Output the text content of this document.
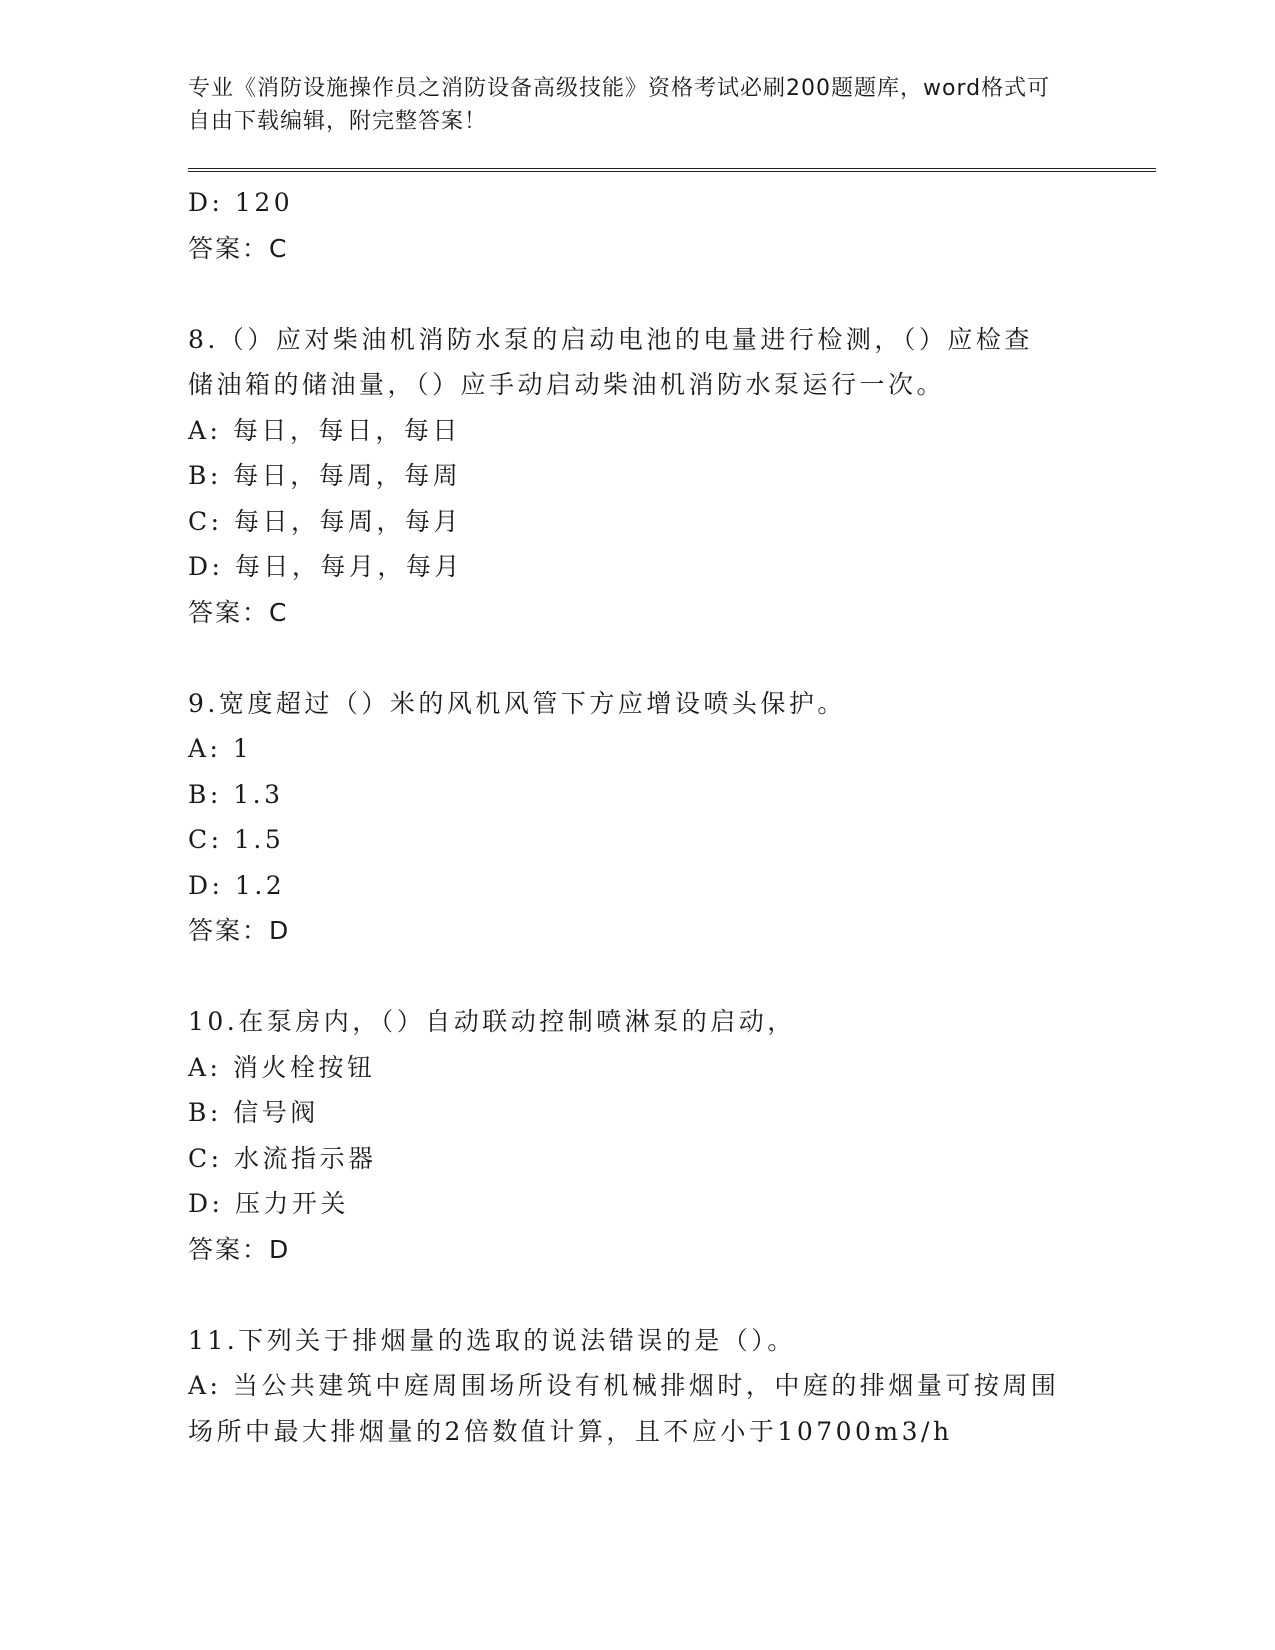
专业《消防设施操作员之消防设备高级技能》资格考试必刷200题题库，word格式可自由下载编辑，附完整答案！
D: 120
答案：C
8.（）应对柴油机消防水泵的启动电池的电量进行检测，（）应检查
储油箱的储油量，（）应手动启动柴油机消防水泵运行一次。
A: 每日，每日，每日
B: 每日，每周，每周
C: 每日，每周，每月
D: 每日，每月，每月
答案：C
9.宽度超过（）米的风机风管下方应增设喷头保护。
A: 1
B: 1.3
C: 1.5
D: 1.2
答案：D
10.在泵房内，（）自动联动控制喷淋泵的启动，
A: 消火栓按钮
B: 信号阀
C: 水流指示器
D: 压力开关
答案：D
11.下列关于排烟量的选取的说法错误的是（）。
A: 当公共建筑中庭周围场所设有机械排烟时，中庭的排烟量可按周围
场所中最大排烟量的2倍数值计算，且不应小于10700m3/h
